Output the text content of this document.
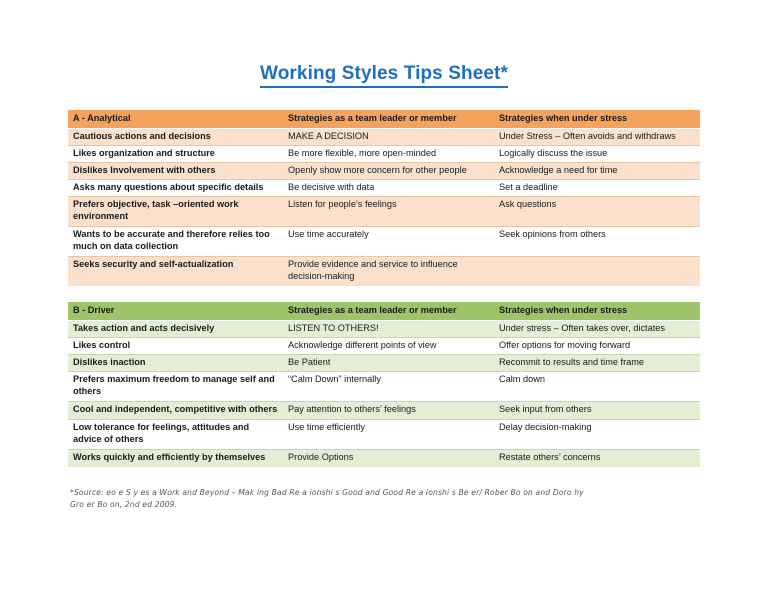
Working Styles Tips Sheet*
A - Analytical	Strategies as a team leader or member	Strategies when under stress
Cautious actions and decisions	MAKE A DECISION	Under Stress – Often avoids and withdraws
Likes organization and structure	Be more flexible, more open-minded	Logically discuss the issue
Dislikes Involvement with others	Openly show more concern for other people	Acknowledge a need for time
Asks many questions about specific details	Be decisive with data	Set a deadline
Prefers objective, task –oriented work environment	Listen for people’s feelings	Ask questions
Wants to be accurate and therefore relies too much on data collection	Use time accurately	Seek opinions from others
Seeks security and self-actualization	Provide evidence and service to influence decision-making	
B - Driver	Strategies as a team leader or member	Strategies when under stress
Takes action and acts decisively	LISTEN TO OTHERS!	Under stress – Often takes over, dictates
Likes control	Acknowledge different points of view	Offer options for moving forward
Dislikes inaction	Be Patient	Recommit to results and time frame
Prefers maximum freedom to manage self and others	“Calm Down” internally	Calm down
Cool and independent, competitive with others	Pay attention to others’ feelings	Seek input from others
Low tolerance for feelings, attitudes and advice of others	Use time efficiently	Delay decision-making
Works quickly and efficiently by themselves	Provide Options	Restate others’ concerns
*Source: eo e S y es a Work and Beyond – Mak ing Bad Re a ionshi s Good and Good Re a ionshi s Be er/ Rober Bo on and Doro hy
Gro er Bo on, 2nd ed 2009.
